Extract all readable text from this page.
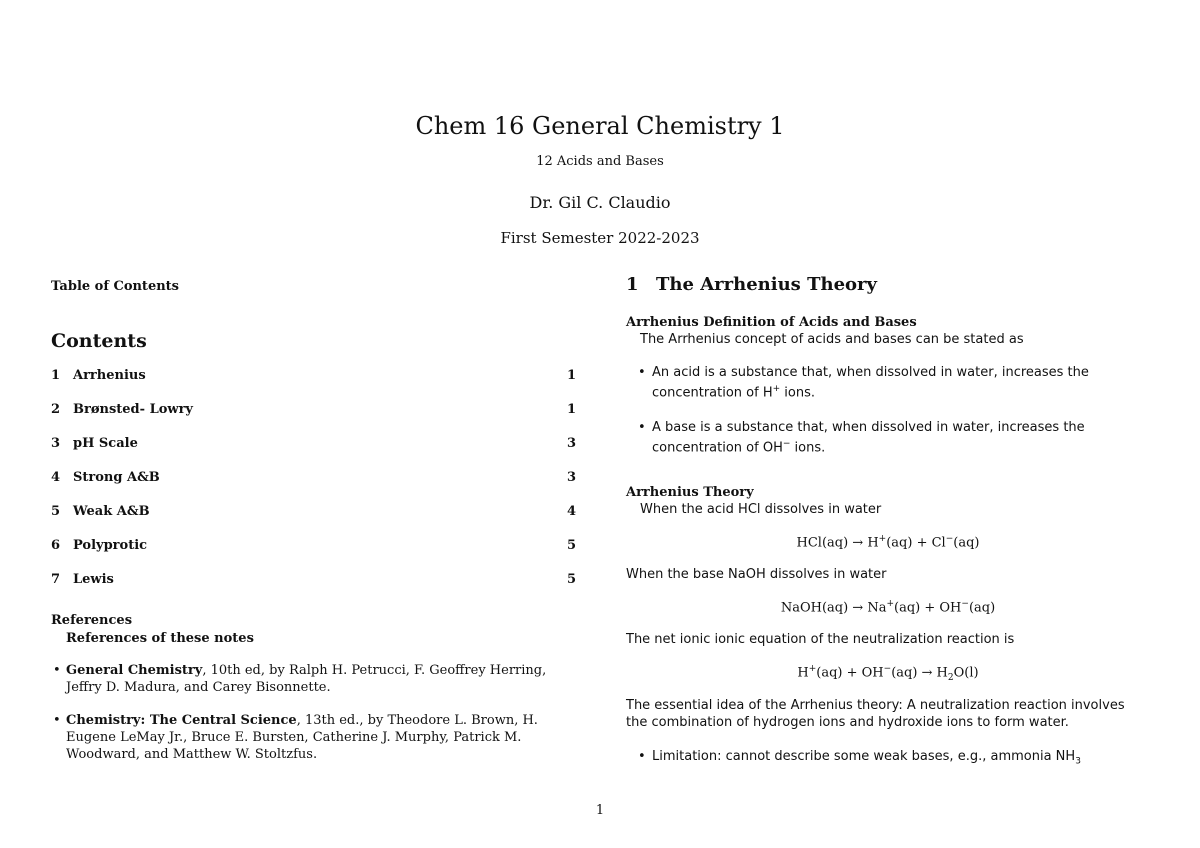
Chem 16 General Chemistry 1
12 Acids and Bases
Dr. Gil C. Claudio
First Semester 2022-2023
Table of Contents
Contents
1 Arrhenius	1
2 Brønsted- Lowry	1
3 pH Scale	3
4 Strong A&B	3
5 Weak A&B	4
6 Polyprotic	5
7 Lewis	5
References
References of these notes
• General Chemistry, 10th ed, by Ralph H. Petrucci, F. Geoffrey Herring, Jeffry D. Madura, and Carey Bisonnette.
• Chemistry: The Central Science, 13th ed., by Theodore L. Brown, H. Eugene LeMay Jr., Bruce E. Bursten, Catherine J. Murphy, Patrick M. Woodward, and Matthew W. Stoltzfus.
1 The Arrhenius Theory
Arrhenius Definition of Acids and Bases
The Arrhenius concept of acids and bases can be stated as
• An acid is a substance that, when dissolved in water, increases the concentration of H+ ions.
• A base is a substance that, when dissolved in water, increases the concentration of OH− ions.
Arrhenius Theory
When the acid HCl dissolves in water
HCl(aq) → H+(aq) + Cl−(aq)
When the base NaOH dissolves in water
NaOH(aq) → Na+(aq) + OH−(aq)
The net ionic ionic equation of the neutralization reaction is
$H^+(aq) + OH^-(aq) \to H_2O(l)$
The essential idea of the Arrhenius theory: A neutralization reaction involves the combination of hydrogen ions and hydroxide ions to form water.
• Limitation: cannot describe some weak bases, e.g., ammonia $NH_3$
1
